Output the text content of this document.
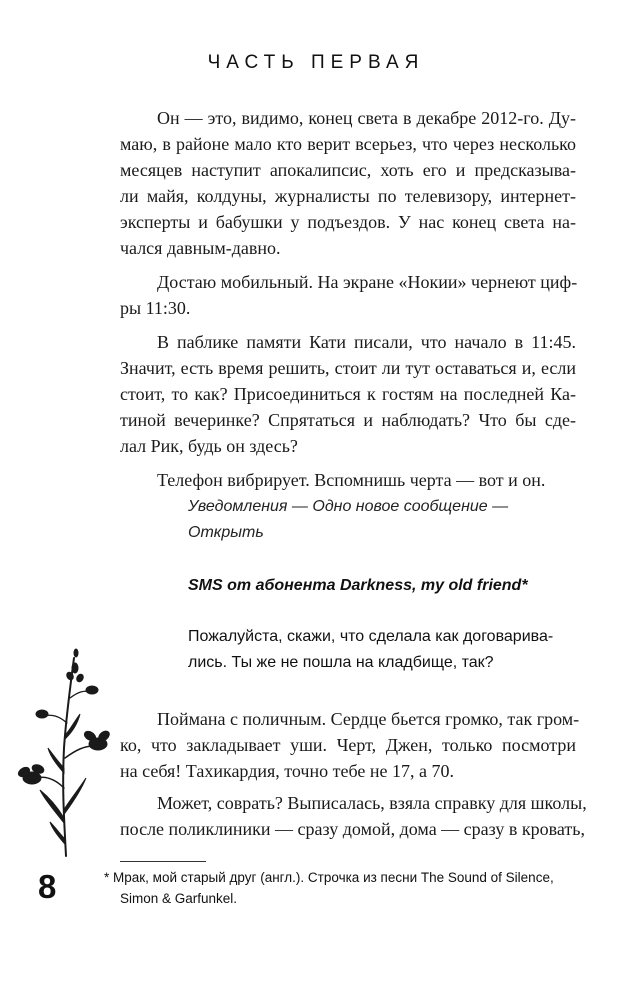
ЧАСТЬ ПЕРВАЯ
Он — это, видимо, конец света в декабре 2012-го. Ду-
маю, в районе мало кто верит всерьез, что через несколько
месяцев наступит апокалипсис, хоть его и предсказыва-
ли майя, колдуны, журналисты по телевизору, интернет-
эксперты и бабушки у подъездов. У нас конец света на-
чался давным-давно.
Достаю мобильный. На экране «Нокии» чернеют циф-
ры 11:30.
В паблике памяти Кати писали, что начало в 11:45.
Значит, есть время решить, стоит ли тут оставаться и, если
стоит, то как? Присоединиться к гостям на последней Ка-
тиной вечеринке? Спрятаться и наблюдать? Что бы сде-
лал Рик, будь он здесь?
Телефон вибрирует. Вспомнишь черта — вот и он.
Уведомления — Одно новое сообщение —
Открыть
SMS от абонента Darkness, my old friend*
Пожалуйста, скажи, что сделала как договарива-
лись. Ты же не пошла на кладбище, так?
Поймана с поличным. Сердце бьется громко, так гром-
ко, что закладывает уши. Черт, Джен, только посмотри
на себя! Тахикардия, точно тебе не 17, а 70.
Может, соврать? Выписалась, взяла справку для школы,
после поликлиники — сразу домой, дома — сразу в кровать,
8	* Мрак, мой старый друг (англ.). Строчка из песни The Sound of Silence,
Simon & Garfunkel.
